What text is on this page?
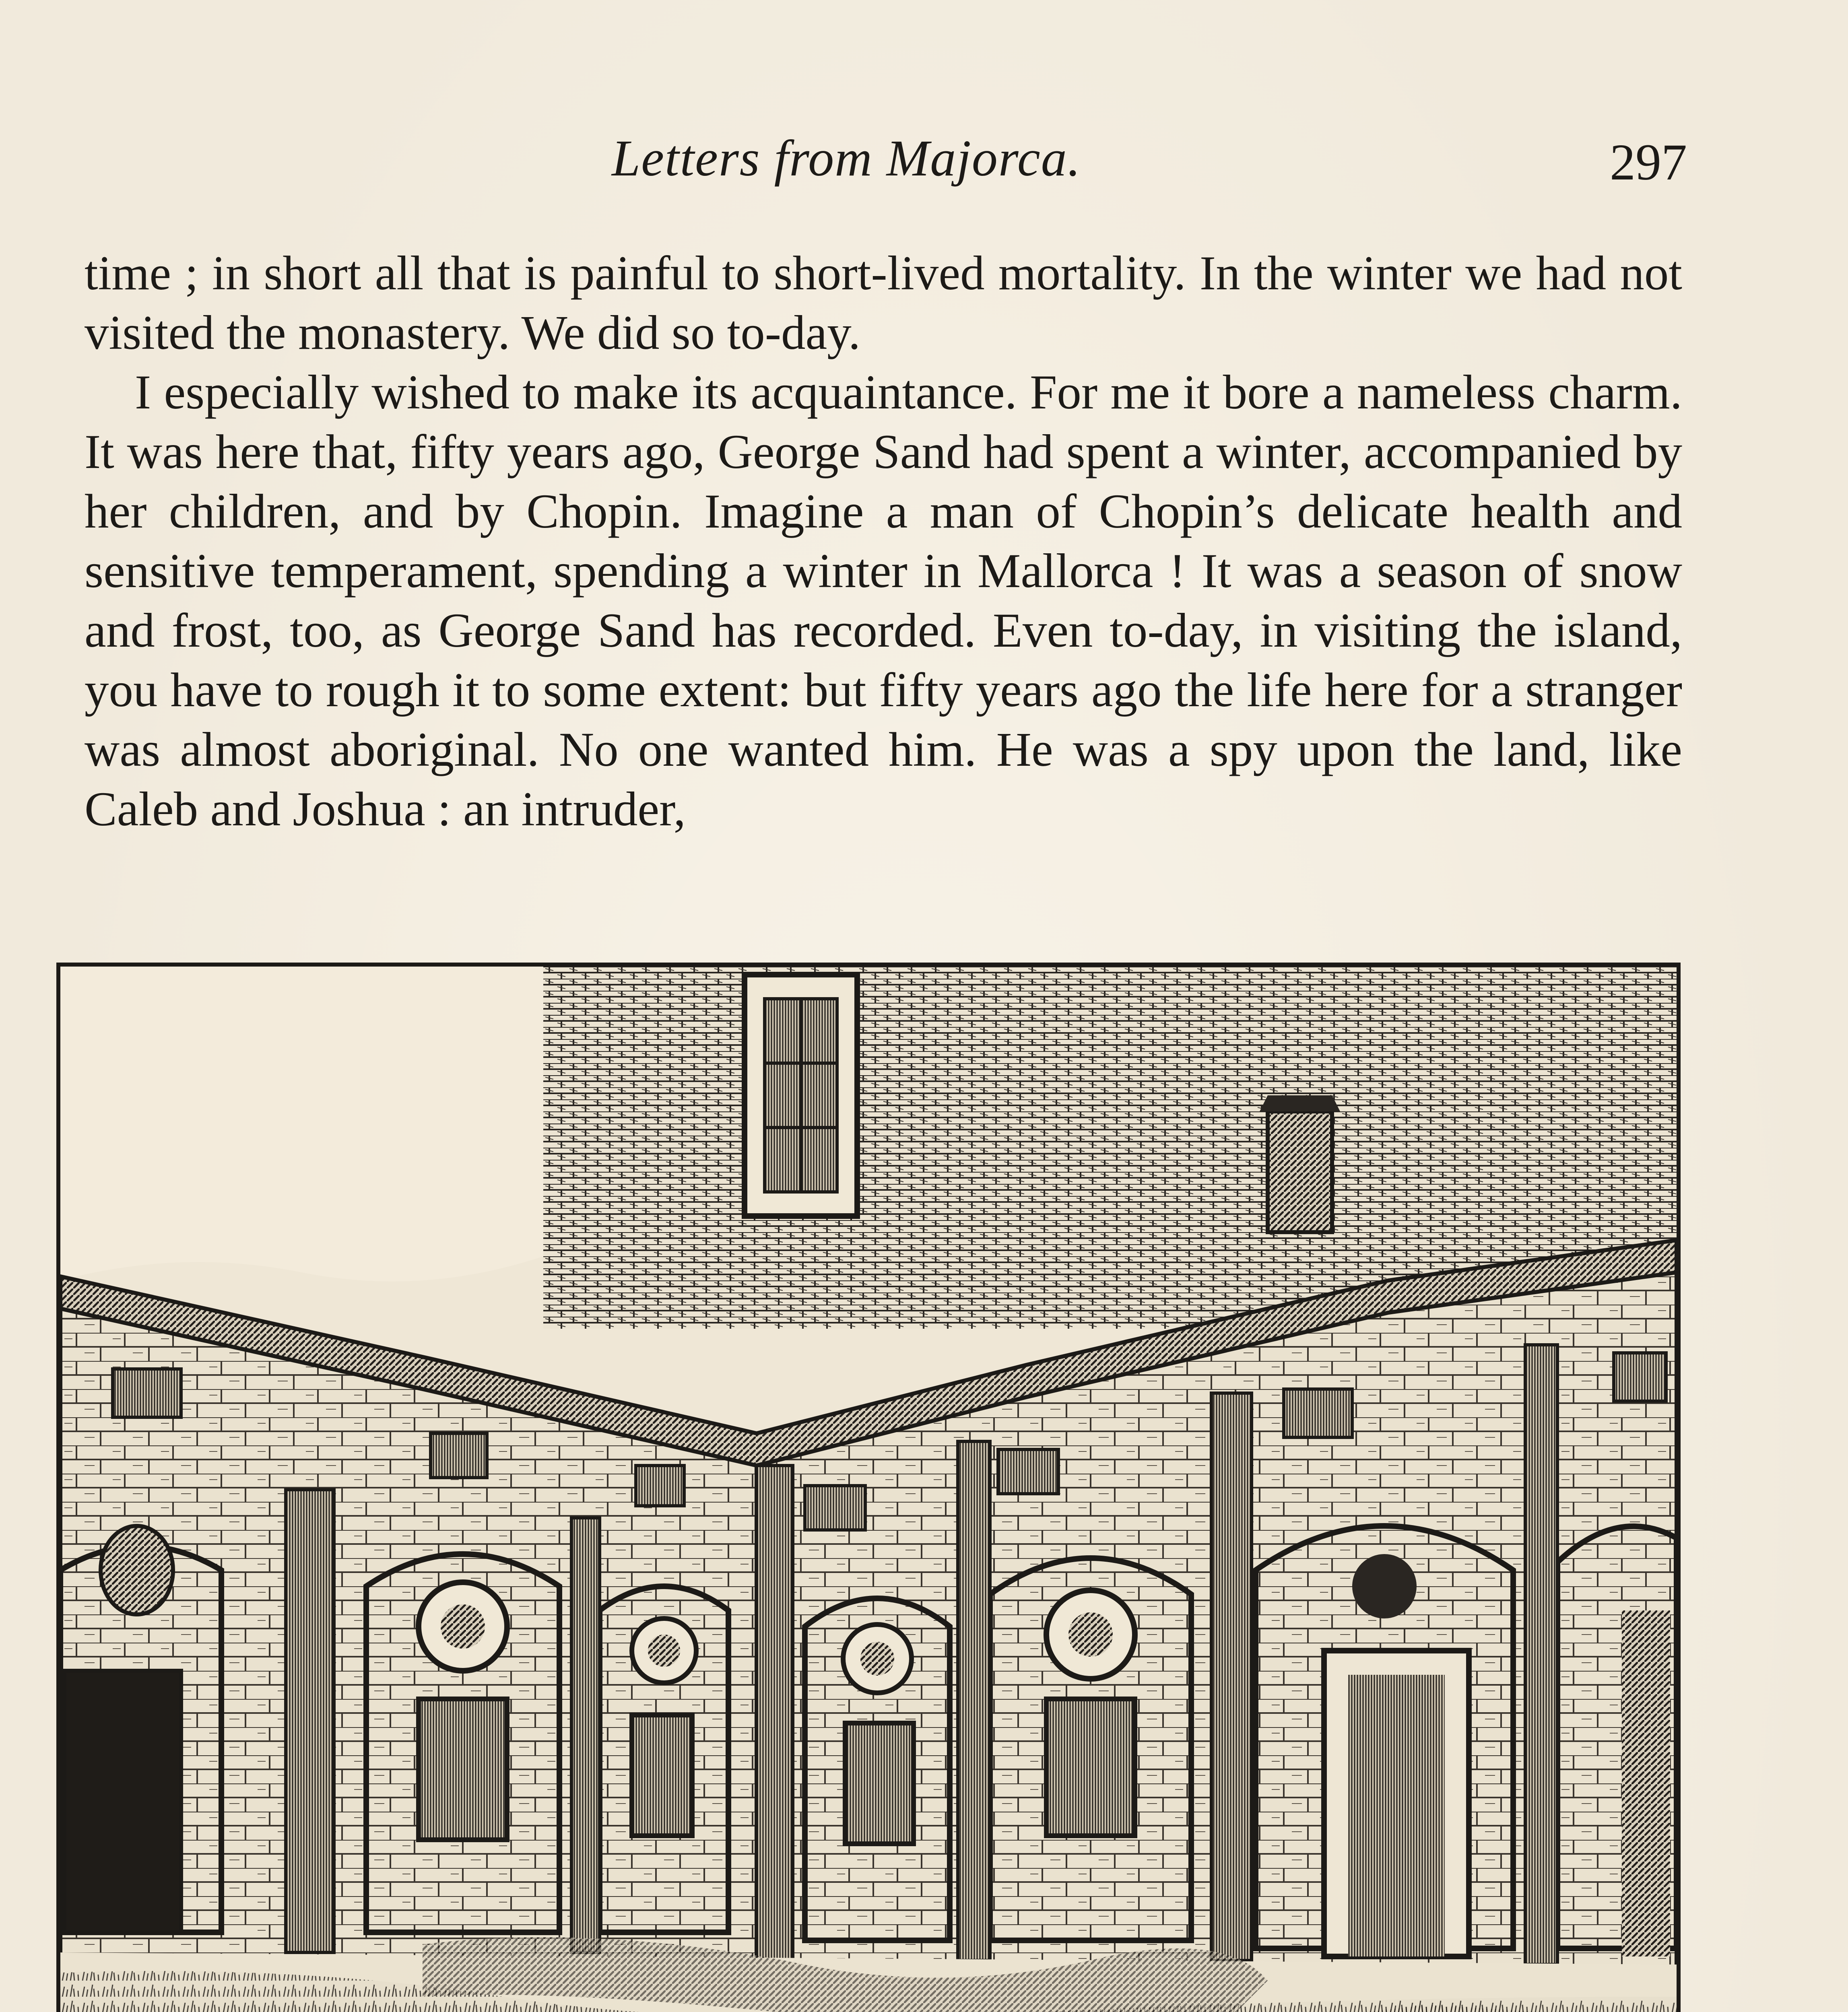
Letters from Majorca.	297

time ; in short all that is painful to short-lived mortality. In the winter we had not visited the monastery. We did so to-day.

I especially wished to make its acquaintance. For me it bore a nameless charm. It was here that, fifty years ago, George Sand had spent a winter, accompanied by her children, and by Chopin. Imagine a man of Chopin’s delicate health and sensitive temperament, spending a winter in Mallorca ! It was a season of snow and frost, too, as George Sand has recorded. Even to-day, in visiting the island, you have to rough it to some extent: but fifty years ago the life here for a stranger was almost aboriginal. No one wanted him. He was a spy upon the land, like Caleb and Joshua : an intruder,
